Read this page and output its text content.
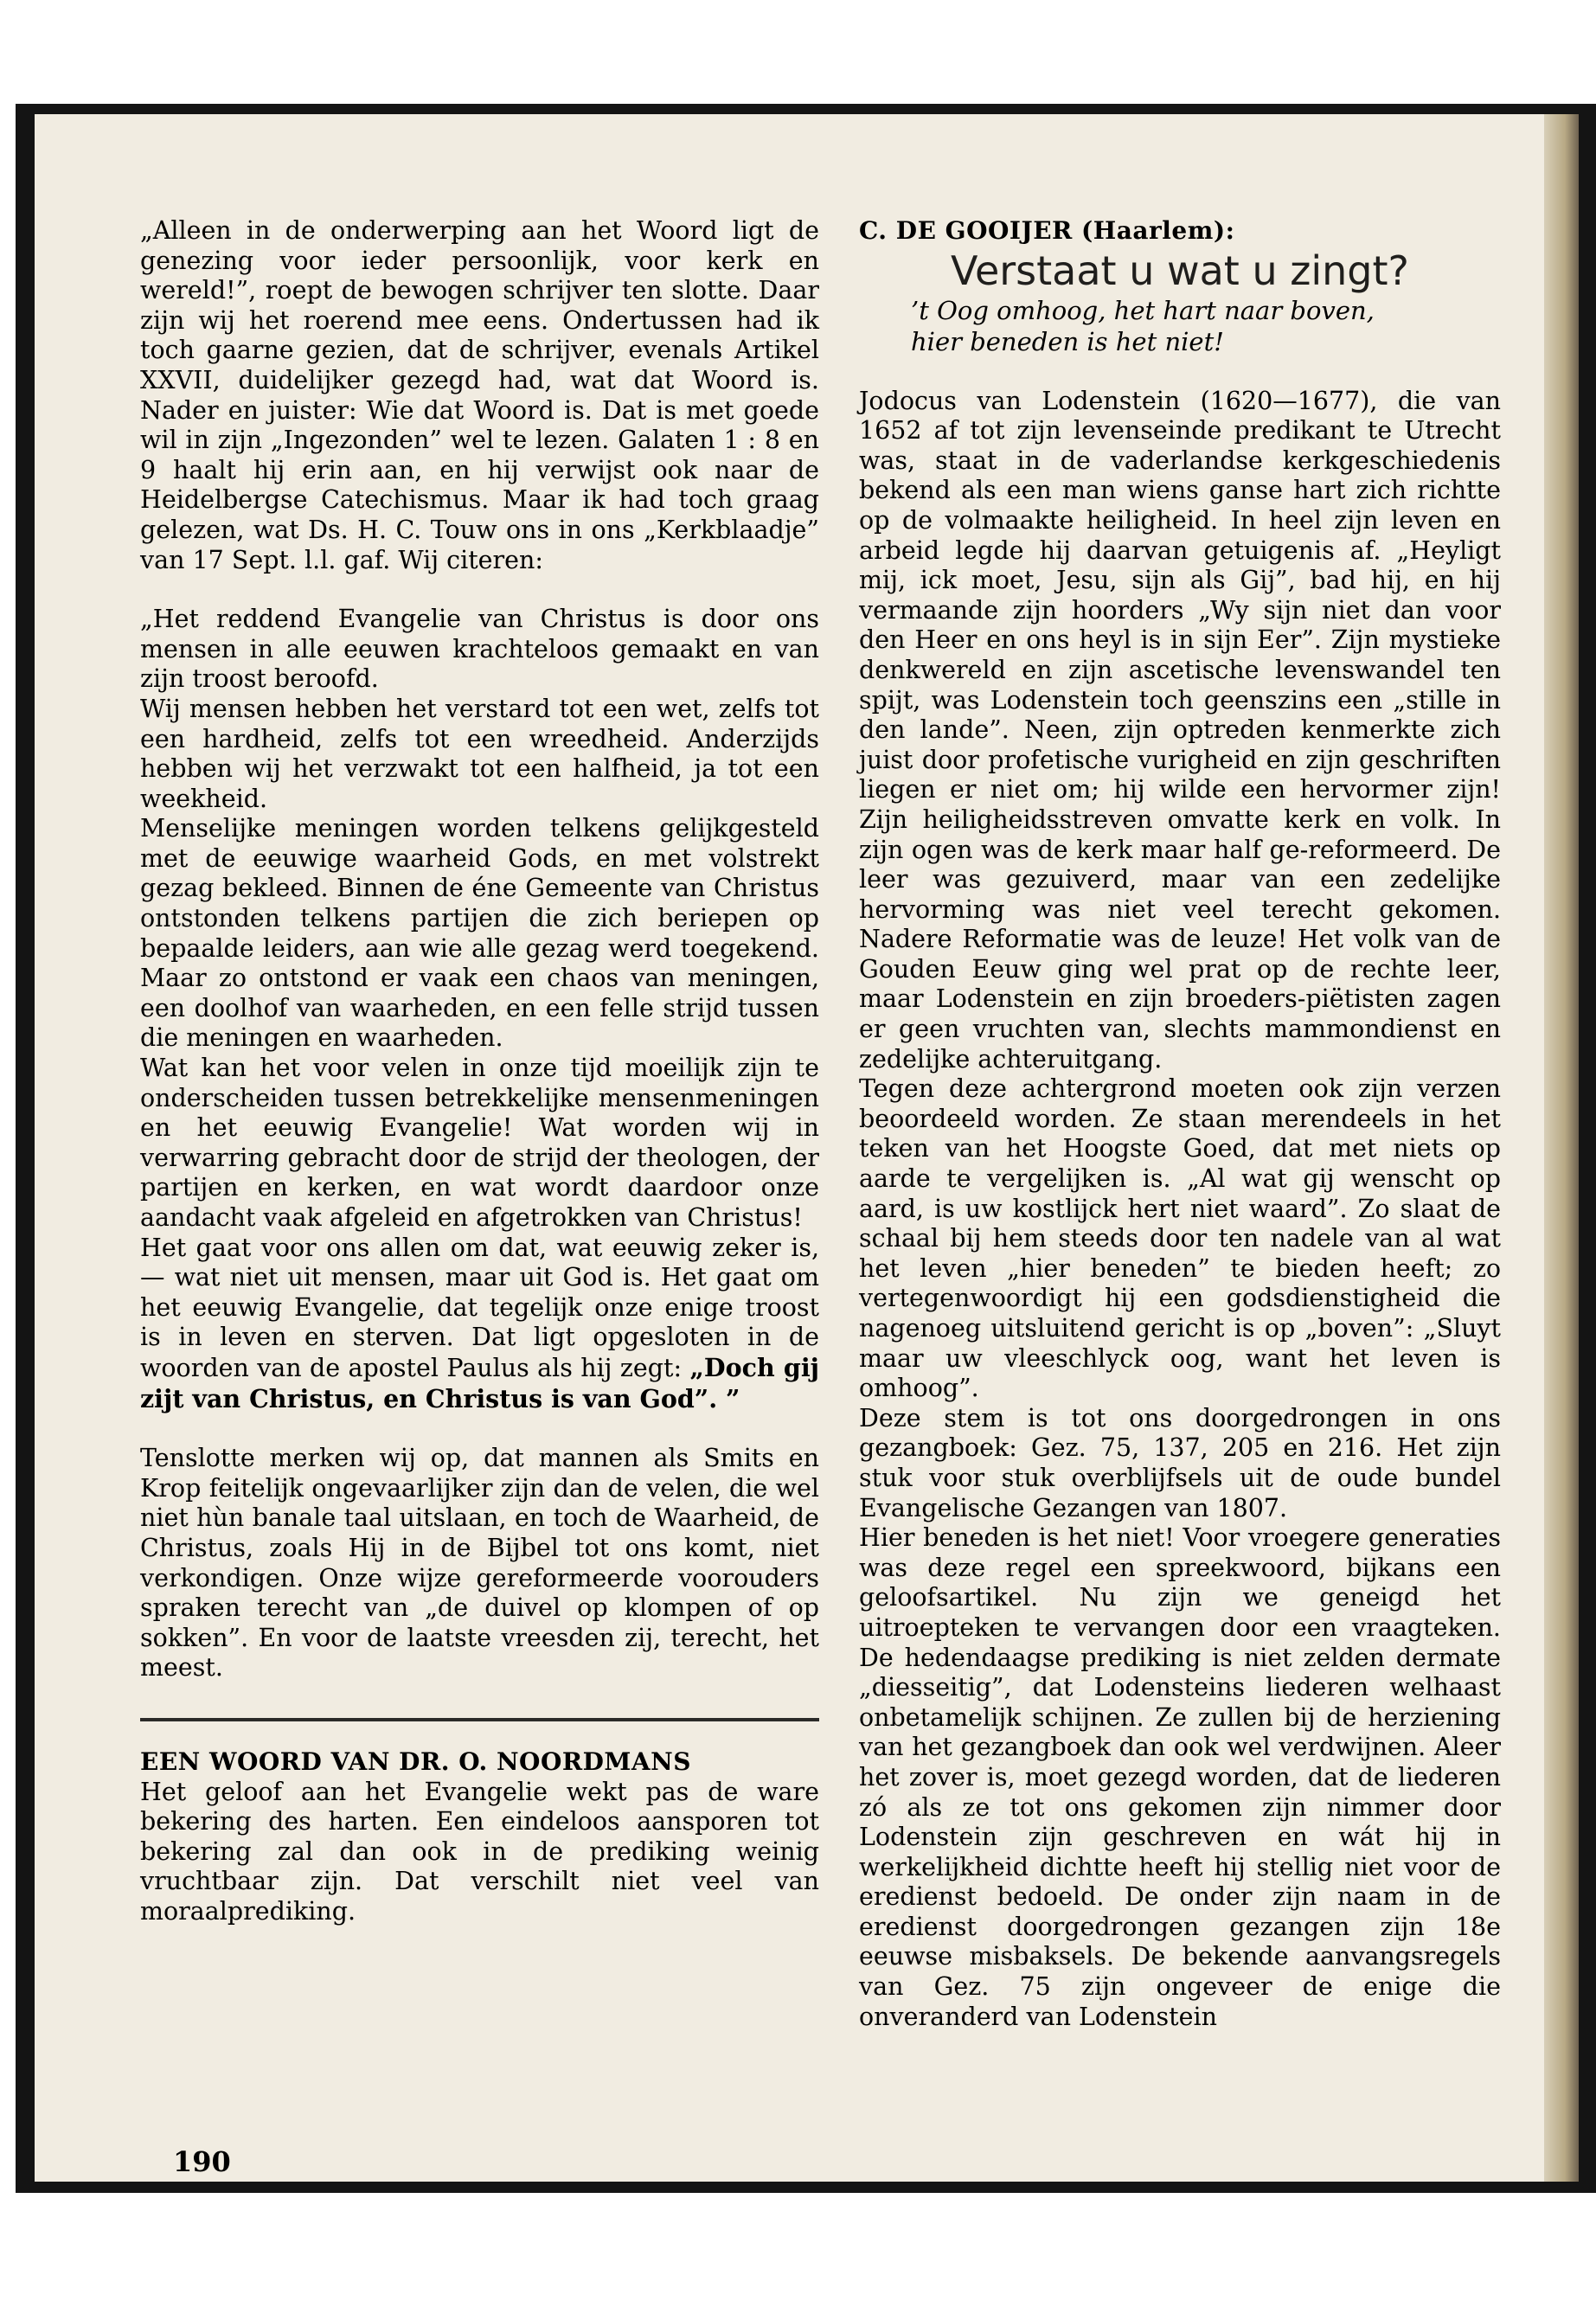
„Alleen in de onderwerping aan het Woord ligt de genezing voor ieder persoonlijk, voor kerk en wereld!”, roept de bewogen schrijver ten slotte. Daar zijn wij het roerend mee eens. Ondertussen had ik toch gaarne gezien, dat de schrijver, evenals Artikel XXVII, duidelijker gezegd had, wat dat Woord is. Nader en juister: Wie dat Woord is. Dat is met goede wil in zijn „Ingezonden” wel te lezen. Galaten 1 : 8 en 9 haalt hij erin aan, en hij verwijst ook naar de Heidelbergse Catechismus. Maar ik had toch graag gelezen, wat Ds. H. C. Touw ons in ons „Kerkblaadje” van 17 Sept. l.l. gaf. Wij citeren:

„Het reddend Evangelie van Christus is door ons mensen in alle eeuwen krachteloos gemaakt en van zijn troost beroofd.

Wij mensen hebben het verstard tot een wet, zelfs tot een hardheid, zelfs tot een wreedheid. Anderzijds hebben wij het verzwakt tot een halfheid, ja tot een weekheid.

Menselijke meningen worden telkens gelijkgesteld met de eeuwige waarheid Gods, en met volstrekt gezag bekleed. Binnen de éne Gemeente van Christus ontstonden telkens partijen die zich beriepen op bepaalde leiders, aan wie alle gezag werd toegekend. Maar zo ontstond er vaak een chaos van meningen, een doolhof van waarheden, en een felle strijd tussen die meningen en waarheden.

Wat kan het voor velen in onze tijd moeilijk zijn te onderscheiden tussen betrekkelijke mensenmeningen en het eeuwig Evangelie! Wat worden wij in verwarring gebracht door de strijd der theologen, der partijen en kerken, en wat wordt daardoor onze aandacht vaak afgeleid en afgetrokken van Christus!

Het gaat voor ons allen om dat, wat eeuwig zeker is, — wat niet uit mensen, maar uit God is. Het gaat om het eeuwig Evangelie, dat tegelijk onze enige troost is in leven en sterven. Dat ligt opgesloten in de woorden van de apostel Paulus als hij zegt: „Doch gij zijt van Christus, en Christus is van God”. ”

Tenslotte merken wij op, dat mannen als Smits en Krop feitelijk ongevaarlijker zijn dan de velen, die wel niet hùn banale taal uitslaan, en toch de Waarheid, de Christus, zoals Hij in de Bijbel tot ons komt, niet verkondigen. Onze wijze gereformeerde voorouders spraken terecht van „de duivel op klompen of op sokken”. En voor de laatste vreesden zij, terecht, het meest.

EEN WOORD VAN DR. O. NOORDMANS

Het geloof aan het Evangelie wekt pas de ware bekering des harten. Een eindeloos aansporen tot bekering zal dan ook in de prediking weinig vruchtbaar zijn. Dat verschilt niet veel van moraalprediking.

190

C. DE GOOIJER (Haarlem):

Verstaat u wat u zingt?

’t Oog omhoog, het hart naar boven,
hier beneden is het niet!

Jodocus van Lodenstein (1620—1677), die van 1652 af tot zijn levenseinde predikant te Utrecht was, staat in de vaderlandse kerkgeschiedenis bekend als een man wiens ganse hart zich richtte op de volmaakte heiligheid. In heel zijn leven en arbeid legde hij daarvan getuigenis af. „Heyligt mij, ick moet, Jesu, sijn als Gij”, bad hij, en hij vermaande zijn hoorders „Wy sijn niet dan voor den Heer en ons heyl is in sijn Eer”. Zijn mystieke denkwereld en zijn ascetische levenswandel ten spijt, was Lodenstein toch geenszins een „stille in den lande”. Neen, zijn optreden kenmerkte zich juist door profetische vurigheid en zijn geschriften liegen er niet om; hij wilde een hervormer zijn! Zijn heiligheidsstreven omvatte kerk en volk. In zijn ogen was de kerk maar half ge-reformeerd. De leer was gezuiverd, maar van een zedelijke hervorming was niet veel terecht gekomen. Nadere Reformatie was de leuze! Het volk van de Gouden Eeuw ging wel prat op de rechte leer, maar Lodenstein en zijn broeders-piëtisten zagen er geen vruchten van, slechts mammondienst en zedelijke achteruitgang.

Tegen deze achtergrond moeten ook zijn verzen beoordeeld worden. Ze staan merendeels in het teken van het Hoogste Goed, dat met niets op aarde te vergelijken is. „Al wat gij wenscht op aard, is uw kostlijck hert niet waard”. Zo slaat de schaal bij hem steeds door ten nadele van al wat het leven „hier beneden” te bieden heeft; zo vertegenwoordigt hij een godsdienstigheid die nagenoeg uitsluitend gericht is op „boven”: „Sluyt maar uw vleeschlyck oog, want het leven is omhoog”.

Deze stem is tot ons doorgedrongen in ons gezangboek: Gez. 75, 137, 205 en 216. Het zijn stuk voor stuk overblijfsels uit de oude bundel Evangelische Gezangen van 1807.

Hier beneden is het niet! Voor vroegere generaties was deze regel een spreekwoord, bijkans een geloofsartikel. Nu zijn we geneigd het uitroepteken te vervangen door een vraagteken. De hedendaagse prediking is niet zelden dermate „diesseitig”, dat Lodensteins liederen welhaast onbetamelijk schijnen. Ze zullen bij de herziening van het gezangboek dan ook wel verdwijnen. Aleer het zover is, moet gezegd worden, dat de liederen zó als ze tot ons gekomen zijn nimmer door Lodenstein zijn geschreven en wát hij in werkelijkheid dichtte heeft hij stellig niet voor de eredienst bedoeld. De onder zijn naam in de eredienst doorgedrongen gezangen zijn 18e eeuwse misbaksels. De bekende aanvangsregels van Gez. 75 zijn ongeveer de enige die onveranderd van Lodenstein
